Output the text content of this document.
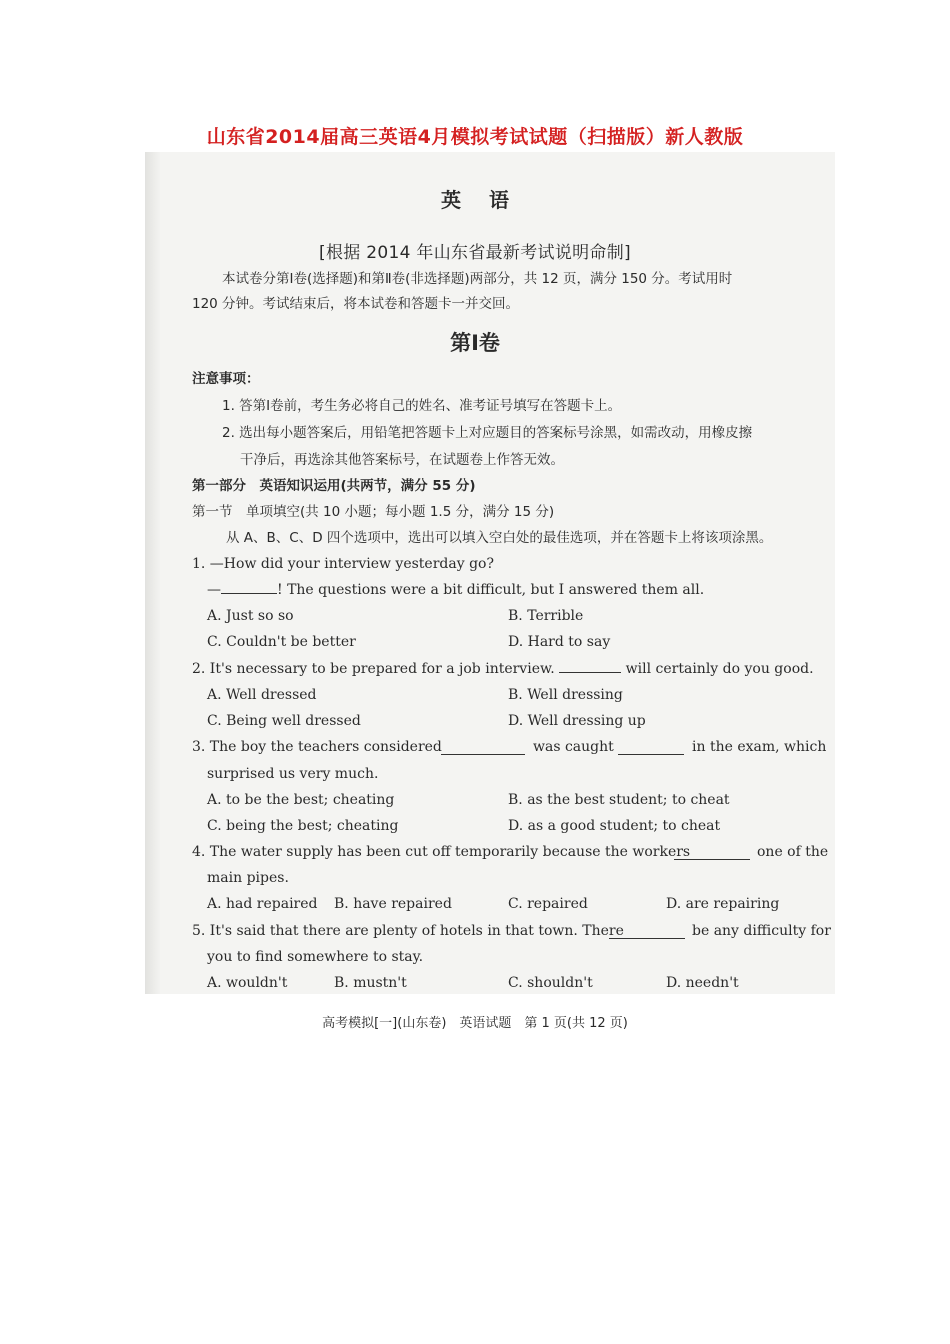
山东省2014届高三英语4月模拟考试试题（扫描版）新人教版
英语
[根据 2014 年山东省最新考试说明命制]
本试卷分第Ⅰ卷(选择题)和第Ⅱ卷(非选择题)两部分，共 12 页，满分 150 分。考试用时
120 分钟。考试结束后，将本试卷和答题卡一并交回。
第Ⅰ卷
注意事项：
1. 答第Ⅰ卷前，考生务必将自己的姓名、准考证号填写在答题卡上。
2. 选出每小题答案后，用铅笔把答题卡上对应题目的答案标号涂黑，如需改动，用橡皮擦
干净后，再选涂其他答案标号，在试题卷上作答无效。
第一部分　英语知识运用(共两节，满分 55 分)
第一节　单项填空(共 10 小题；每小题 1.5 分，满分 15 分)
从 A、B、C、D 四个选项中，选出可以填入空白处的最佳选项，并在答题卡上将该项涂黑。
1. —How did your interview yesterday go?
—	! The questions were a bit difficult, but I answered them all.
A. Just so so	B. Terrible
C. Couldn't be better	D. Hard to say
2. It's necessary to be prepared for a job interview.	will certainly do you good.
A. Well dressed	B. Well dressing
C. Being well dressed	D. Well dressing up
3. The boy the teachers considered	was caught	in the exam, which
surprised us very much.
A. to be the best; cheating	B. as the best student; to cheat
C. being the best; cheating	D. as a good student; to cheat
4. The water supply has been cut off temporarily because the workers	one of the
main pipes.
A. had repaired B. have repaired	C. repaired	D. are repairing
5. It's said that there are plenty of hotels in that town. There	be any difficulty for
you to find somewhere to stay.
A. wouldn't	B. mustn't	C. shouldn't	D. needn't
高考模拟[一](山东卷)　英语试题　第 1 页(共 12 页)
